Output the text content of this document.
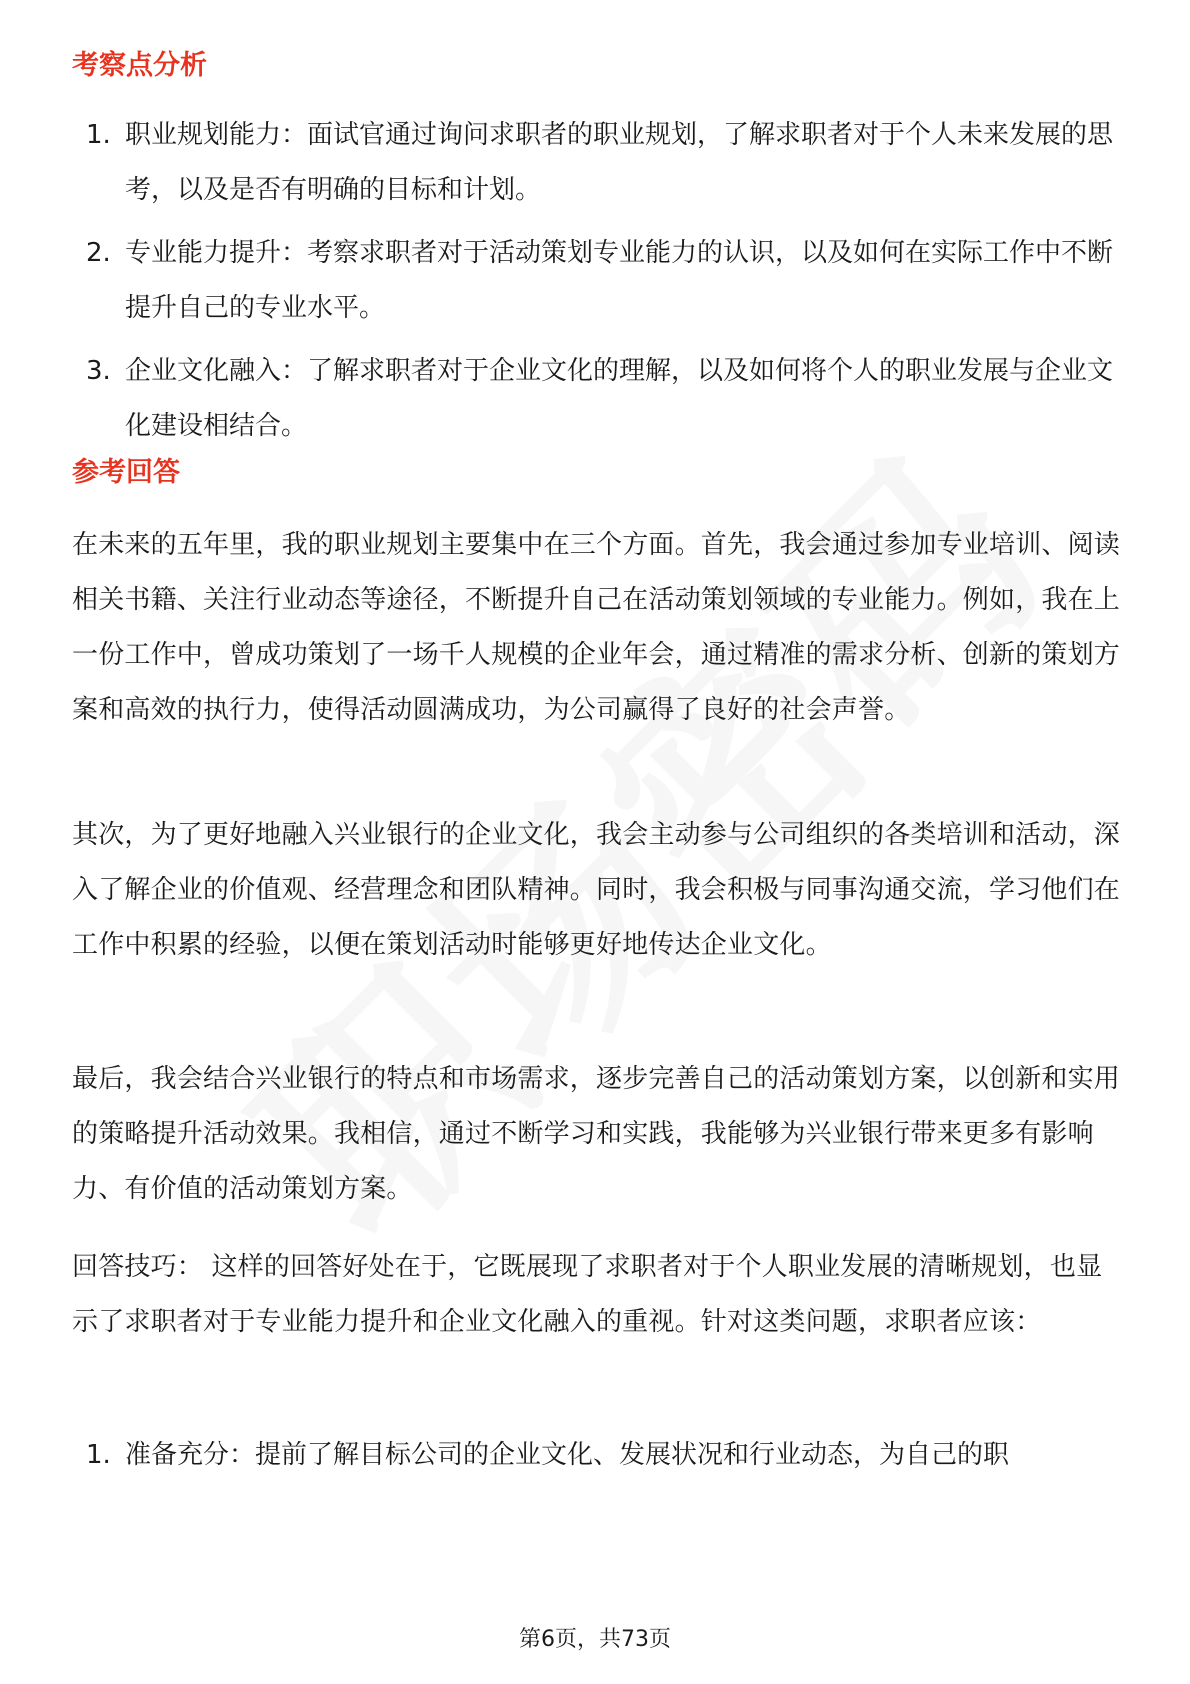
考察点分析
1. 职业规划能力：面试官通过询问求职者的职业规划，了解求职者对于个人未来发展的思考，以及是否有明确的目标和计划。
2. 专业能力提升：考察求职者对于活动策划专业能力的认识，以及如何在实际工作中不断提升自己的专业水平。
3. 企业文化融入：了解求职者对于企业文化的理解，以及如何将个人的职业发展与企业文化建设相结合。
参考回答

在未来的五年里，我的职业规划主要集中在三个方面。首先，我会通过参加专业培训、阅读相关书籍、关注行业动态等途径，不断提升自己在活动策划领域的专业能力。例如，我在上一份工作中，曾成功策划了一场千人规模的企业年会，通过精准的需求分析、创新的策划方案和高效的执行力，使得活动圆满成功，为公司赢得了良好的社会声誉。

其次，为了更好地融入兴业银行的企业文化，我会主动参与公司组织的各类培训和活动，深入了解企业的价值观、经营理念和团队精神。同时，我会积极与同事沟通交流，学习他们在工作中积累的经验，以便在策划活动时能够更好地传达企业文化。

最后，我会结合兴业银行的特点和市场需求，逐步完善自己的活动策划方案，以创新和实用的策略提升活动效果。我相信，通过不断学习和实践，我能够为兴业银行带来更多有影响力、有价值的活动策划方案。

回答技巧： 这样的回答好处在于，它既展现了求职者对于个人职业发展的清晰规划，也显示了求职者对于专业能力提升和企业文化融入的重视。针对这类问题，求职者应该：

1. 准备充分：提前了解目标公司的企业文化、发展状况和行业动态，为自己的职
第6页，共73页
